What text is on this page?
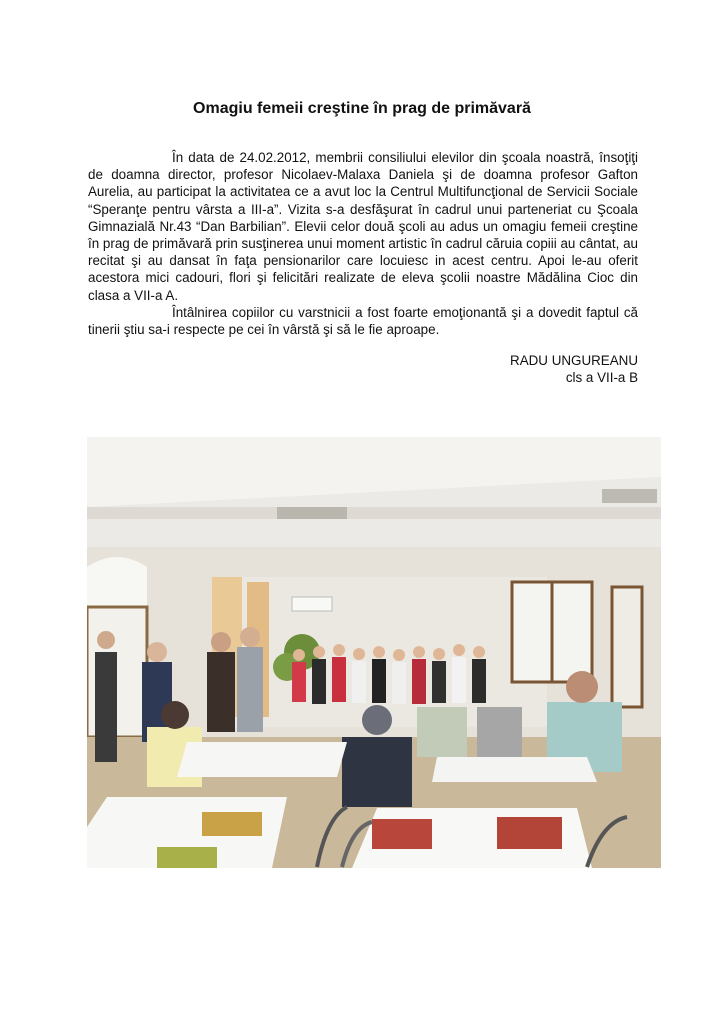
Omagiu femeii creştine în prag de primăvară

În data de 24.02.2012, membrii consiliului elevilor din şcoala noastră, însoţiţi de doamna director, profesor Nicolaev-Malaxa Daniela şi de doamna profesor Gafton Aurelia, au participat la activitatea ce a avut loc la Centrul Multifuncţional de Servicii Sociale “Speranţe pentru vârsta a III-a”. Vizita s-a desfăşurat în cadrul unui parteneriat cu Şcoala Gimnazială Nr.43 “Dan Barbilian”. Elevii celor două şcoli au adus un omagiu femeii creştine în prag de primăvară prin susţinerea unui moment artistic în cadrul căruia copiii au cântat, au recitat şi au dansat în faţa pensionarilor care locuiesc in acest centru. Apoi le-au oferit acestora mici cadouri, flori şi felicitări realizate de eleva şcolii noastre Mădălina Cioc din clasa a VII-a A.

Întâlnirea copiilor cu varstnicii a fost foarte emoţionantă şi a dovedit faptul că tinerii ştiu sa-i respecte pe cei în vârstă şi să le fie aproape.

RADU UNGUREANU
cls a VII-a B
